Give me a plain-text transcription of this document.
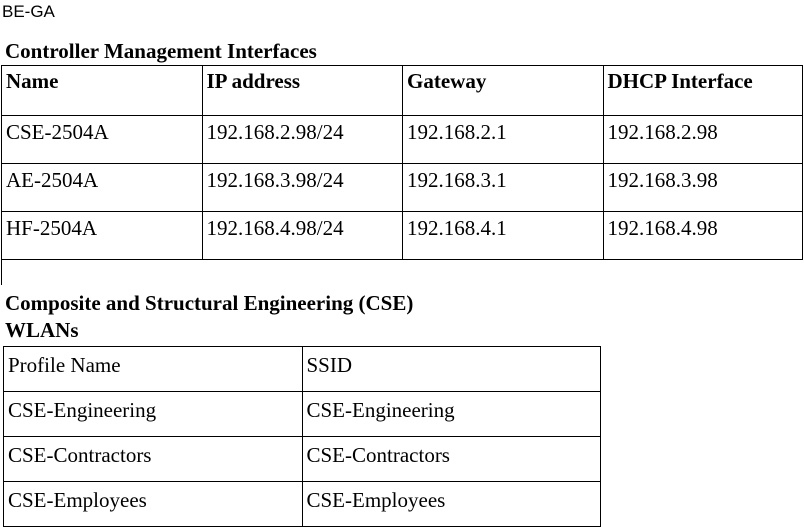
BE-GA
Controller Management Interfaces
Name	IP address	Gateway	DHCP Interface
CSE-2504A	192.168.2.98/24	192.168.2.1	192.168.2.98
AE-2504A	192.168.3.98/24	192.168.3.1	192.168.3.98
HF-2504A	192.168.4.98/24	192.168.4.1	192.168.4.98
Composite and Structural Engineering (CSE)
WLANs
Profile Name	SSID
CSE-Engineering	CSE-Engineering
CSE-Contractors	CSE-Contractors
CSE-Employees	CSE-Employees
